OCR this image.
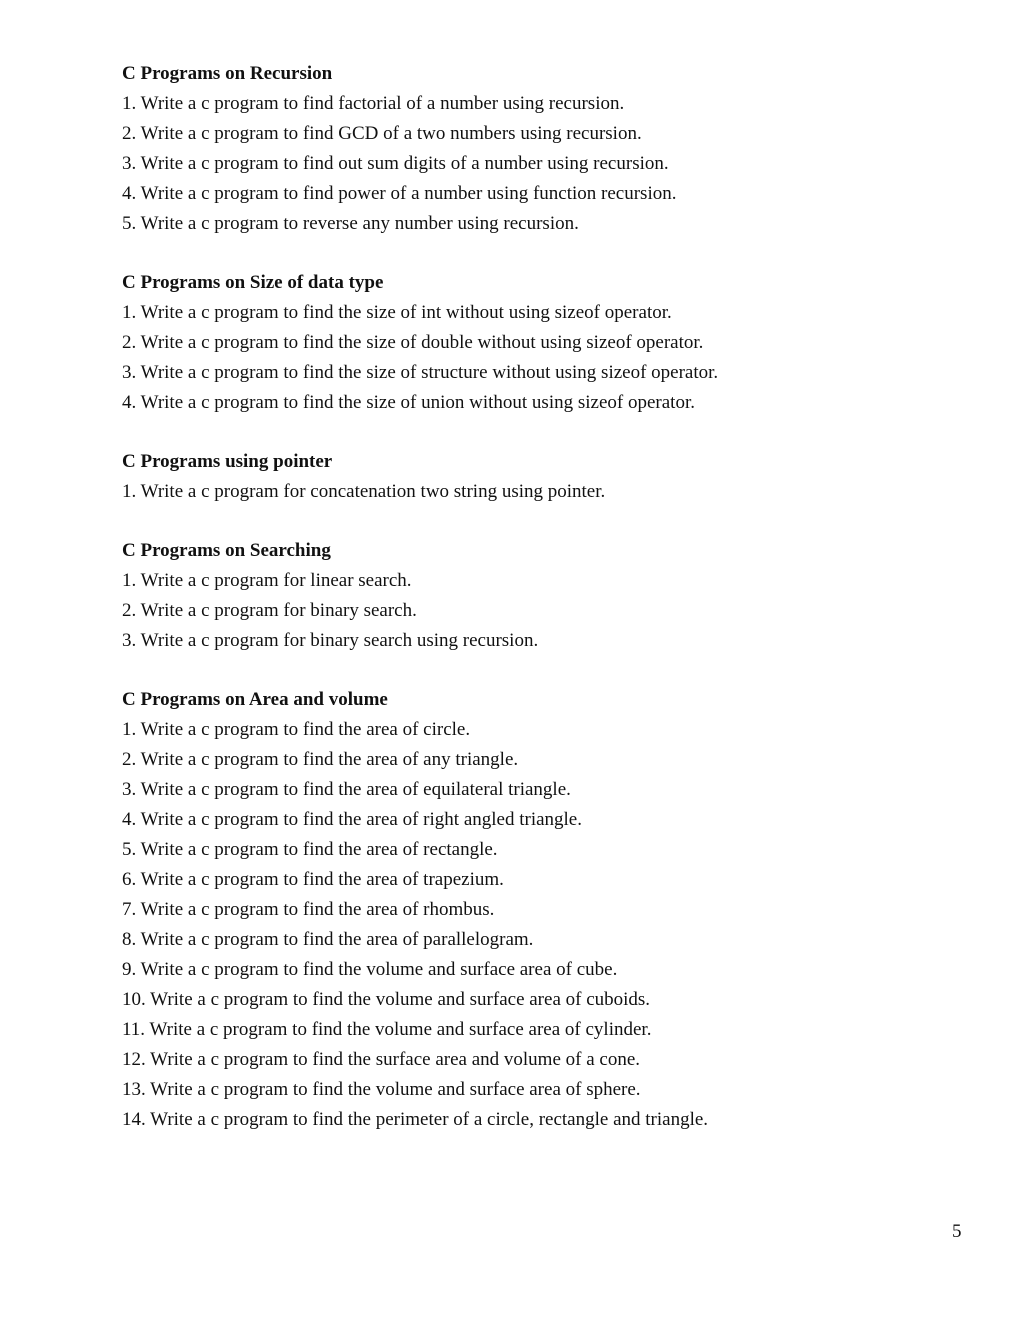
C Programs on Recursion
1. Write a c program to find factorial of a number using recursion.
2. Write a c program to find GCD of a two numbers using recursion.
3. Write a c program to find out sum digits of a number using recursion.
4. Write a c program to find power of a number using function recursion.
5. Write a c program to reverse any number using recursion.
C Programs on Size of data type
1. Write a c program to find the size of int without using sizeof operator.
2. Write a c program to find the size of double without using sizeof operator.
3. Write a c program to find the size of structure without using sizeof operator.
4. Write a c program to find the size of union without using sizeof operator.
C Programs using pointer
1. Write a c program for concatenation two string using pointer.
C Programs on Searching
1. Write a c program for linear search.
2. Write a c program for binary search.
3. Write a c program for binary search using recursion.
C Programs on Area and volume
1. Write a c program to find the area of circle.
2. Write a c program to find the area of any triangle.
3. Write a c program to find the area of equilateral triangle.
4. Write a c program to find the area of right angled triangle.
5. Write a c program to find the area of rectangle.
6. Write a c program to find the area of trapezium.
7. Write a c program to find the area of rhombus.
8. Write a c program to find the area of parallelogram.
9. Write a c program to find the volume and surface area of cube.
10. Write a c program to find the volume and surface area of cuboids.
11. Write a c program to find the volume and surface area of cylinder.
12. Write a c program to find the surface area and volume of a cone.
13. Write a c program to find the volume and surface area of sphere.
14. Write a c program to find the perimeter of a circle, rectangle and triangle.
5
